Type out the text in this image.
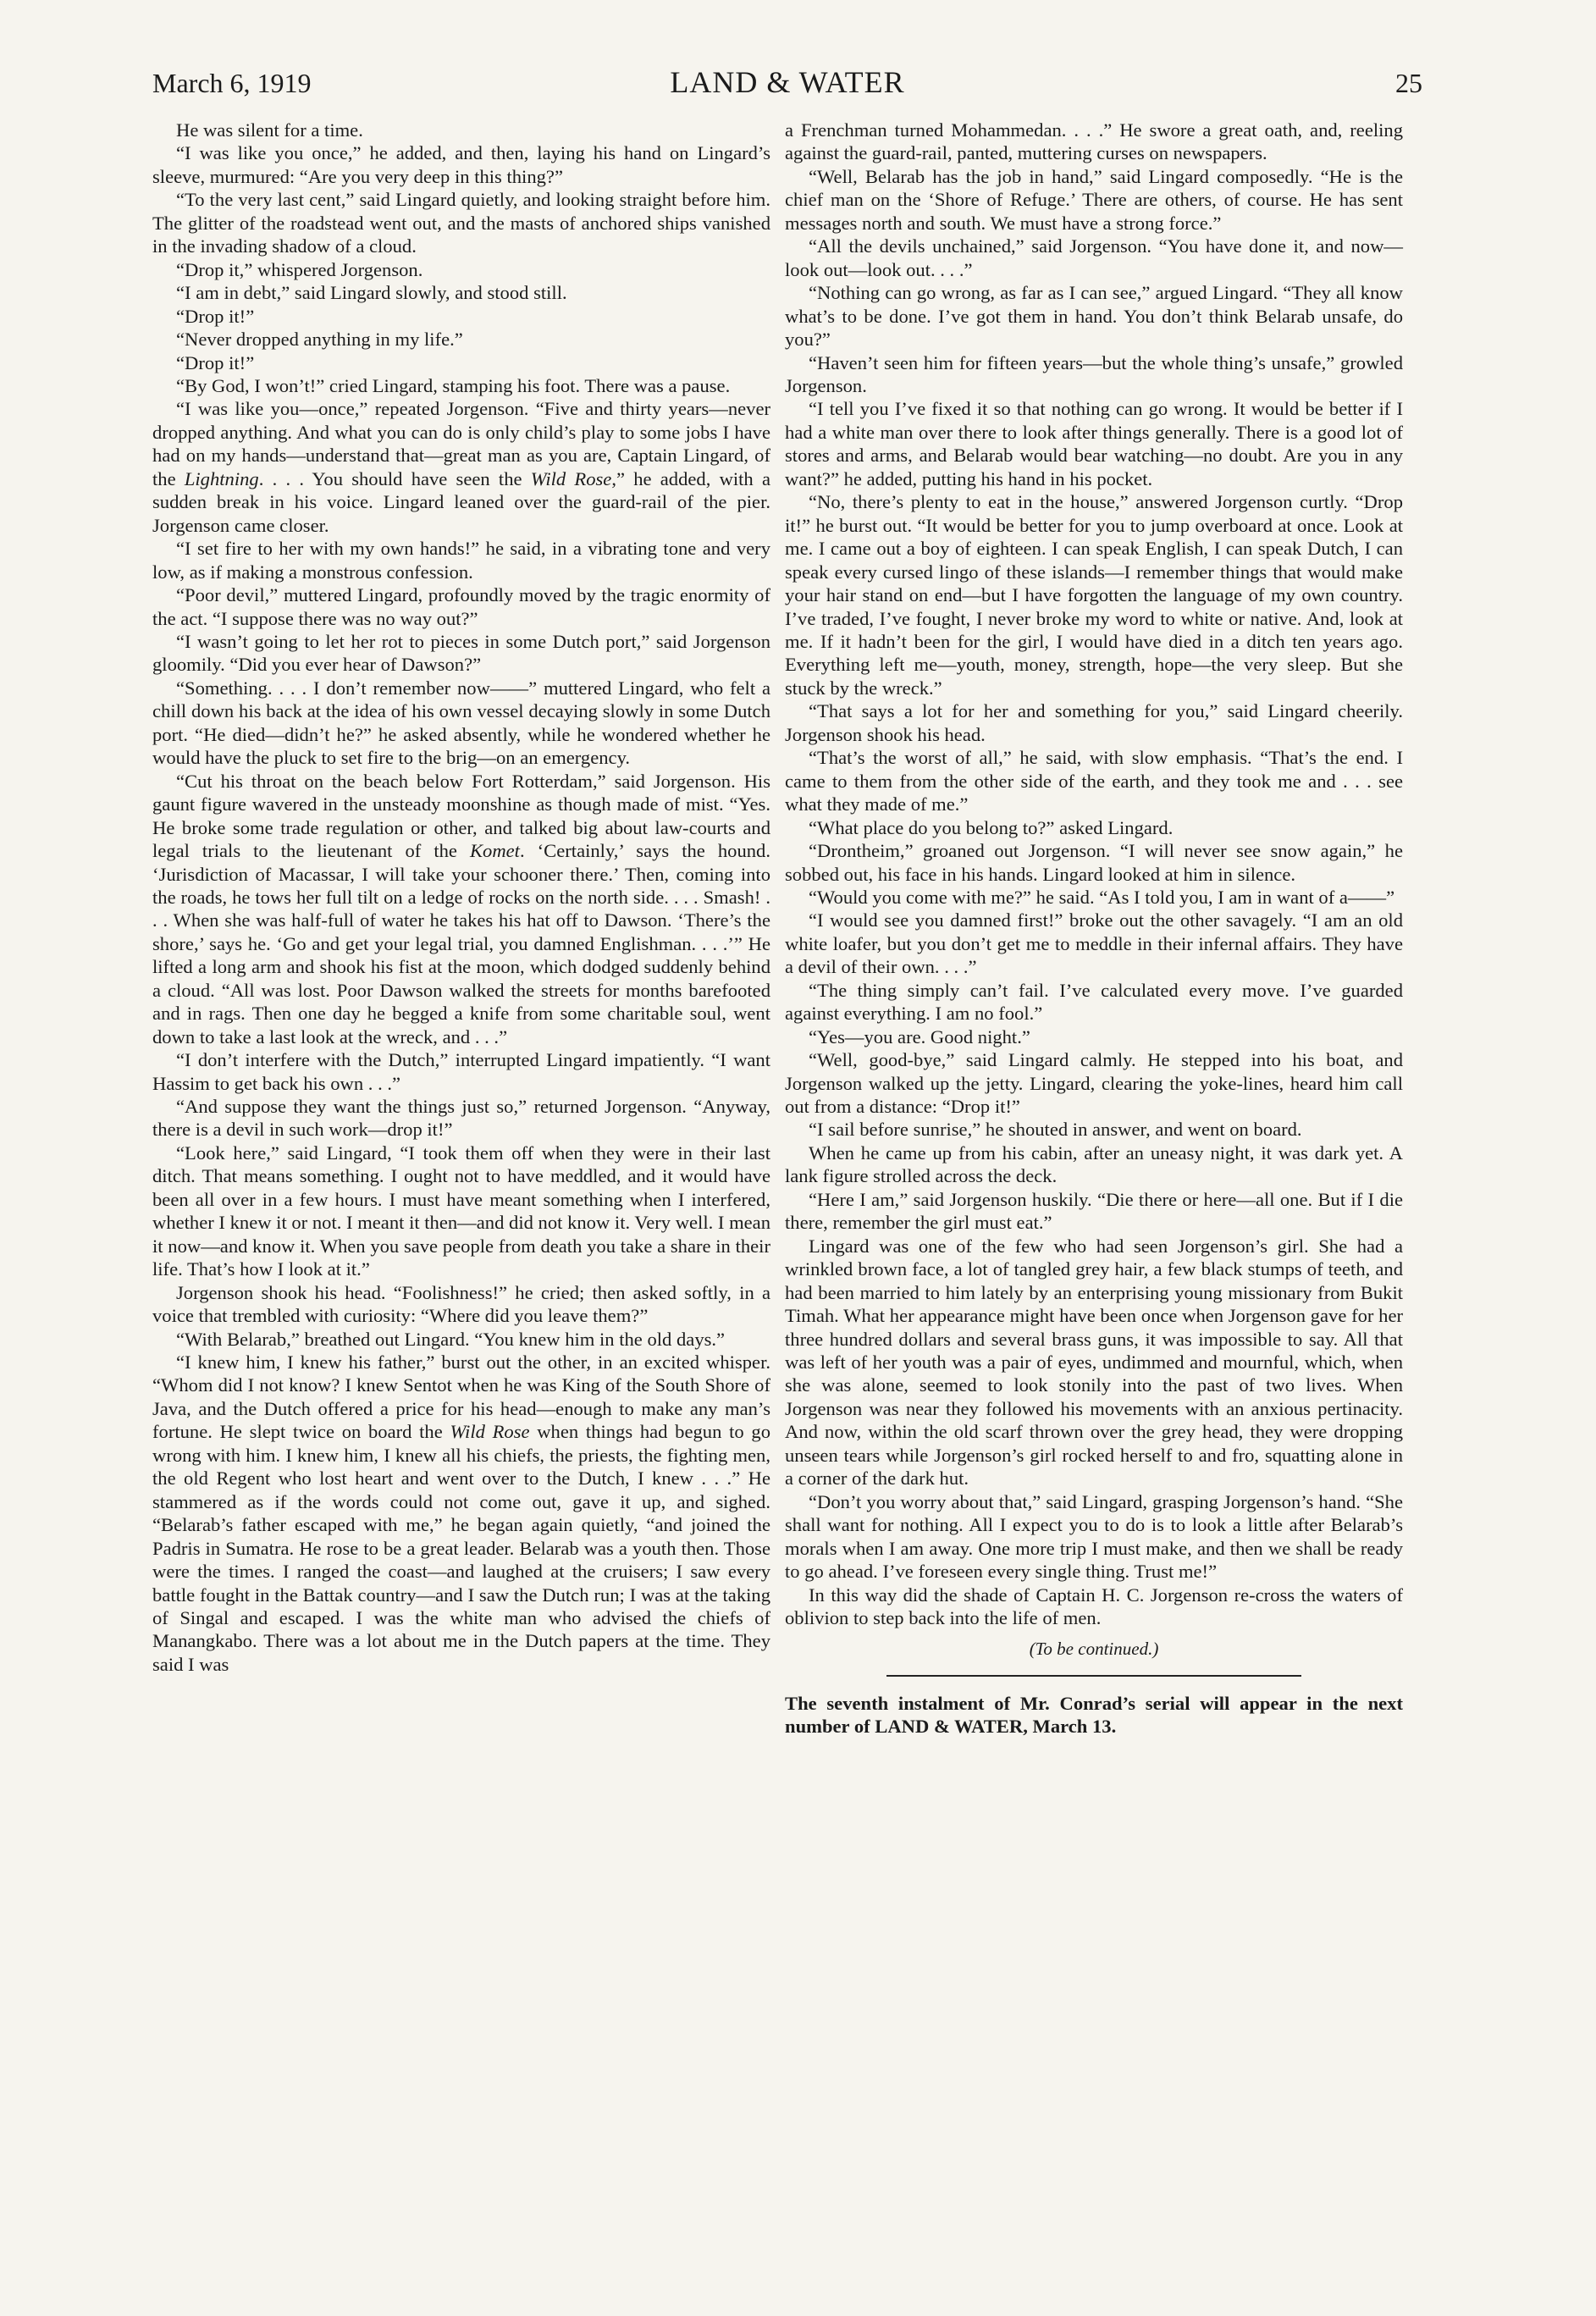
March 6, 1919	LAND & WATER	25

He was silent for a time.

“I was like you once,” he added, and then, laying his hand on Lingard’s sleeve, murmured: “Are you very deep in this thing?”

“To the very last cent,” said Lingard quietly, and looking straight before him. The glitter of the roadstead went out, and the masts of anchored ships vanished in the invading shadow of a cloud.

“Drop it,” whispered Jorgenson.

“I am in debt,” said Lingard slowly, and stood still.

“Drop it!”

“Never dropped anything in my life.”

“Drop it!”

“By God, I won’t!” cried Lingard, stamping his foot. There was a pause.

“I was like you—once,” repeated Jorgenson. “Five and thirty years—never dropped anything. And what you can do is only child’s play to some jobs I have had on my hands—understand that—great man as you are, Captain Lingard, of the Lightning. . . . You should have seen the Wild Rose,” he added, with a sudden break in his voice. Lingard leaned over the guard-rail of the pier. Jorgenson came closer.

“I set fire to her with my own hands!” he said, in a vibrating tone and very low, as if making a monstrous confession.

“Poor devil,” muttered Lingard, profoundly moved by the tragic enormity of the act. “I suppose there was no way out?”

“I wasn’t going to let her rot to pieces in some Dutch port,” said Jorgenson gloomily. “Did you ever hear of Dawson?”

“Something. . . . I don’t remember now——” muttered Lingard, who felt a chill down his back at the idea of his own vessel decaying slowly in some Dutch port. “He died—didn’t he?” he asked absently, while he wondered whether he would have the pluck to set fire to the brig—on an emergency.

“Cut his throat on the beach below Fort Rotterdam,” said Jorgenson. His gaunt figure wavered in the unsteady moonshine as though made of mist. “Yes. He broke some trade regulation or other, and talked big about law-courts and legal trials to the lieutenant of the Komet. ‘Certainly,’ says the hound. ‘Jurisdiction of Macassar, I will take your schooner there.’ Then, coming into the roads, he tows her full tilt on a ledge of rocks on the north side. . . . Smash! . . . When she was half-full of water he takes his hat off to Dawson. ‘There’s the shore,’ says he. ‘Go and get your legal trial, you damned Englishman. . . .’” He lifted a long arm and shook his fist at the moon, which dodged suddenly behind a cloud. “All was lost. Poor Dawson walked the streets for months barefooted and in rags. Then one day he begged a knife from some charitable soul, went down to take a last look at the wreck, and . . .”

“I don’t interfere with the Dutch,” interrupted Lingard impatiently. “I want Hassim to get back his own . . .”

“And suppose they want the things just so,” returned Jorgenson. “Anyway, there is a devil in such work—drop it!”

“Look here,” said Lingard, “I took them off when they were in their last ditch. That means something. I ought not to have meddled, and it would have been all over in a few hours. I must have meant something when I interfered, whether I knew it or not. I meant it then—and did not know it. Very well. I mean it now—and know it. When you save people from death you take a share in their life. That’s how I look at it.”

Jorgenson shook his head. “Foolishness!” he cried; then asked softly, in a voice that trembled with curiosity: “Where did you leave them?”

“With Belarab,” breathed out Lingard. “You knew him in the old days.”

“I knew him, I knew his father,” burst out the other, in an excited whisper. “Whom did I not know? I knew Sentot when he was King of the South Shore of Java, and the Dutch offered a price for his head—enough to make any man’s fortune. He slept twice on board the Wild Rose when things had begun to go wrong with him. I knew him, I knew all his chiefs, the priests, the fighting men, the old Regent who lost heart and went over to the Dutch, I knew . . .” He stammered as if the words could not come out, gave it up, and sighed. “Belarab’s father escaped with me,” he began again quietly, “and joined the Padris in Sumatra. He rose to be a great leader. Belarab was a youth then. Those were the times. I ranged the coast—and laughed at the cruisers; I saw every battle fought in the Battak country—and I saw the Dutch run; I was at the taking of Singal and escaped. I was the white man who advised the chiefs of Manangkabo. There was a lot about me in the Dutch papers at the time. They said I was

a Frenchman turned Mohammedan. . . .” He swore a great oath, and, reeling against the guard-rail, panted, muttering curses on newspapers.

“Well, Belarab has the job in hand,” said Lingard composedly. “He is the chief man on the ‘Shore of Refuge.’ There are others, of course. He has sent messages north and south. We must have a strong force.”

“All the devils unchained,” said Jorgenson. “You have done it, and now—look out—look out. . . .”

“Nothing can go wrong, as far as I can see,” argued Lingard. “They all know what’s to be done. I’ve got them in hand. You don’t think Belarab unsafe, do you?”

“Haven’t seen him for fifteen years—but the whole thing’s unsafe,” growled Jorgenson.

“I tell you I’ve fixed it so that nothing can go wrong. It would be better if I had a white man over there to look after things generally. There is a good lot of stores and arms, and Belarab would bear watching—no doubt. Are you in any want?” he added, putting his hand in his pocket.

“No, there’s plenty to eat in the house,” answered Jorgenson curtly. “Drop it!” he burst out. “It would be better for you to jump overboard at once. Look at me. I came out a boy of eighteen. I can speak English, I can speak Dutch, I can speak every cursed lingo of these islands—I remember things that would make your hair stand on end—but I have forgotten the language of my own country. I’ve traded, I’ve fought, I never broke my word to white or native. And, look at me. If it hadn’t been for the girl, I would have died in a ditch ten years ago. Everything left me—youth, money, strength, hope—the very sleep. But she stuck by the wreck.”

“That says a lot for her and something for you,” said Lingard cheerily. Jorgenson shook his head.

“That’s the worst of all,” he said, with slow emphasis. “That’s the end. I came to them from the other side of the earth, and they took me and . . . see what they made of me.”

“What place do you belong to?” asked Lingard.

“Drontheim,” groaned out Jorgenson. “I will never see snow again,” he sobbed out, his face in his hands. Lingard looked at him in silence.

“Would you come with me?” he said. “As I told you, I am in want of a——”

“I would see you damned first!” broke out the other savagely. “I am an old white loafer, but you don’t get me to meddle in their infernal affairs. They have a devil of their own. . . .”

“The thing simply can’t fail. I’ve calculated every move. I’ve guarded against everything. I am no fool.”

“Yes—you are. Good night.”

“Well, good-bye,” said Lingard calmly. He stepped into his boat, and Jorgenson walked up the jetty. Lingard, clearing the yoke-lines, heard him call out from a distance: “Drop it!”

“I sail before sunrise,” he shouted in answer, and went on board.

When he came up from his cabin, after an uneasy night, it was dark yet. A lank figure strolled across the deck.

“Here I am,” said Jorgenson huskily. “Die there or here—all one. But if I die there, remember the girl must eat.”

Lingard was one of the few who had seen Jorgenson’s girl. She had a wrinkled brown face, a lot of tangled grey hair, a few black stumps of teeth, and had been married to him lately by an enterprising young missionary from Bukit Timah. What her appearance might have been once when Jorgenson gave for her three hundred dollars and several brass guns, it was impossible to say. All that was left of her youth was a pair of eyes, undimmed and mournful, which, when she was alone, seemed to look stonily into the past of two lives. When Jorgenson was near they followed his movements with an anxious pertinacity. And now, within the old scarf thrown over the grey head, they were dropping unseen tears while Jorgenson’s girl rocked herself to and fro, squatting alone in a corner of the dark hut.

“Don’t you worry about that,” said Lingard, grasping Jorgenson’s hand. “She shall want for nothing. All I expect you to do is to look a little after Belarab’s morals when I am away. One more trip I must make, and then we shall be ready to go ahead. I’ve foreseen every single thing. Trust me!”

In this way did the shade of Captain H. C. Jorgenson re-cross the waters of oblivion to step back into the life of men.

(To be continued.)
The seventh instalment of Mr. Conrad’s serial will appear in the next number of LAND & WATER, March 13.
